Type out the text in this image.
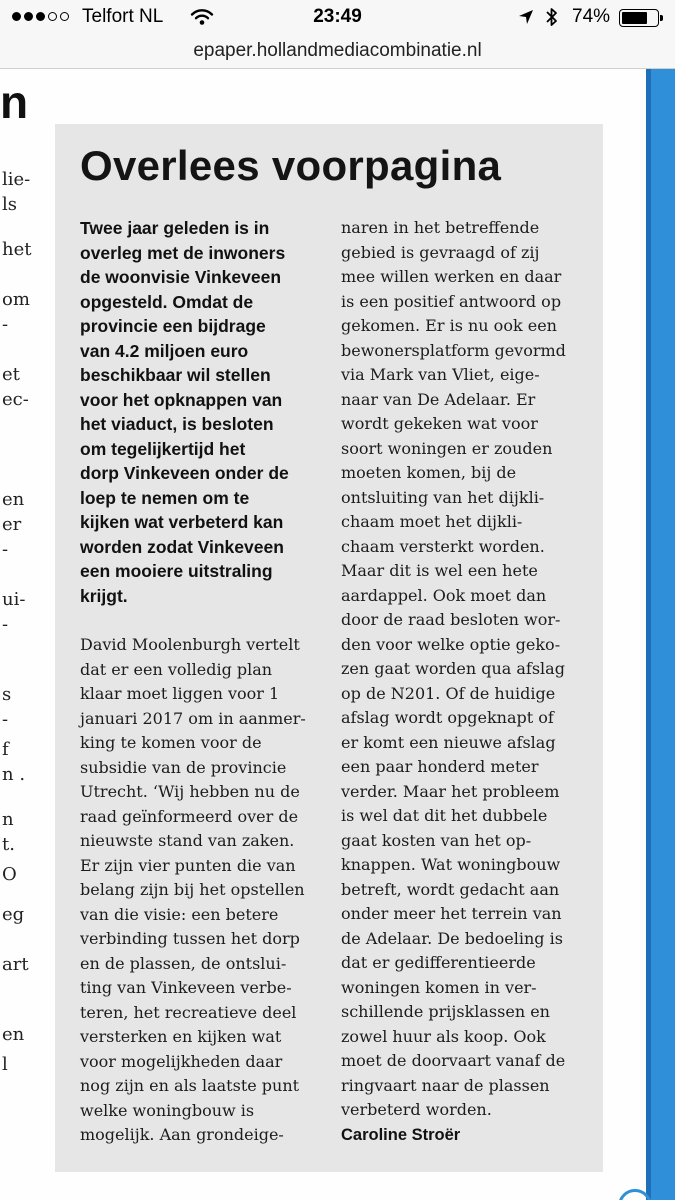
Telfort NL	23:49	74%
epaper.hollandmediacombinatie.nl
n
lie-
ls
het
om
-
et
ec-
en
er
-
ui-
-
s
-
f
n .
n
t.
O
eg
art
en
l
Overlees voorpagina
Twee jaar geleden is in
overleg met de inwoners
de woonvisie Vinkeveen
opgesteld. Omdat de
provincie een bijdrage
van 4.2 miljoen euro
beschikbaar wil stellen
voor het opknappen van
het viaduct, is besloten
om tegelijkertijd het
dorp Vinkeveen onder de
loep te nemen om te
kijken wat verbeterd kan
worden zodat Vinkeveen
een mooiere uitstraling
krijgt.
David Moolenburgh vertelt
dat er een volledig plan
klaar moet liggen voor 1
januari 2017 om in aanmer-
king te komen voor de
subsidie van de provincie
Utrecht. ‘Wij hebben nu de
raad geïnformeerd over de
nieuwste stand van zaken.
Er zijn vier punten die van
belang zijn bij het opstellen
van die visie: een betere
verbinding tussen het dorp
en de plassen, de ontslui-
ting van Vinkeveen verbe-
teren, het recreatieve deel
versterken en kijken wat
voor mogelijkheden daar
nog zijn en als laatste punt
welke woningbouw is
mogelijk. Aan grondeige-
naren in het betreffende
gebied is gevraagd of zij
mee willen werken en daar
is een positief antwoord op
gekomen. Er is nu ook een
bewonersplatform gevormd
via Mark van Vliet, eige-
naar van De Adelaar. Er
wordt gekeken wat voor
soort woningen er zouden
moeten komen, bij de
ontsluiting van het dijkli-
chaam moet het dijkli-
chaam versterkt worden.
Maar dit is wel een hete
aardappel. Ook moet dan
door de raad besloten wor-
den voor welke optie geko-
zen gaat worden qua afslag
op de N201. Of de huidige
afslag wordt opgeknapt of
er komt een nieuwe afslag
een paar honderd meter
verder. Maar het probleem
is wel dat dit het dubbele
gaat kosten van het op-
knappen. Wat woningbouw
betreft, wordt gedacht aan
onder meer het terrein van
de Adelaar. De bedoeling is
dat er gedifferentieerde
woningen komen in ver-
schillende prijsklassen en
zowel huur als koop. Ook
moet de doorvaart vanaf de
ringvaart naar de plassen
verbeterd worden.
Caroline Stroër
